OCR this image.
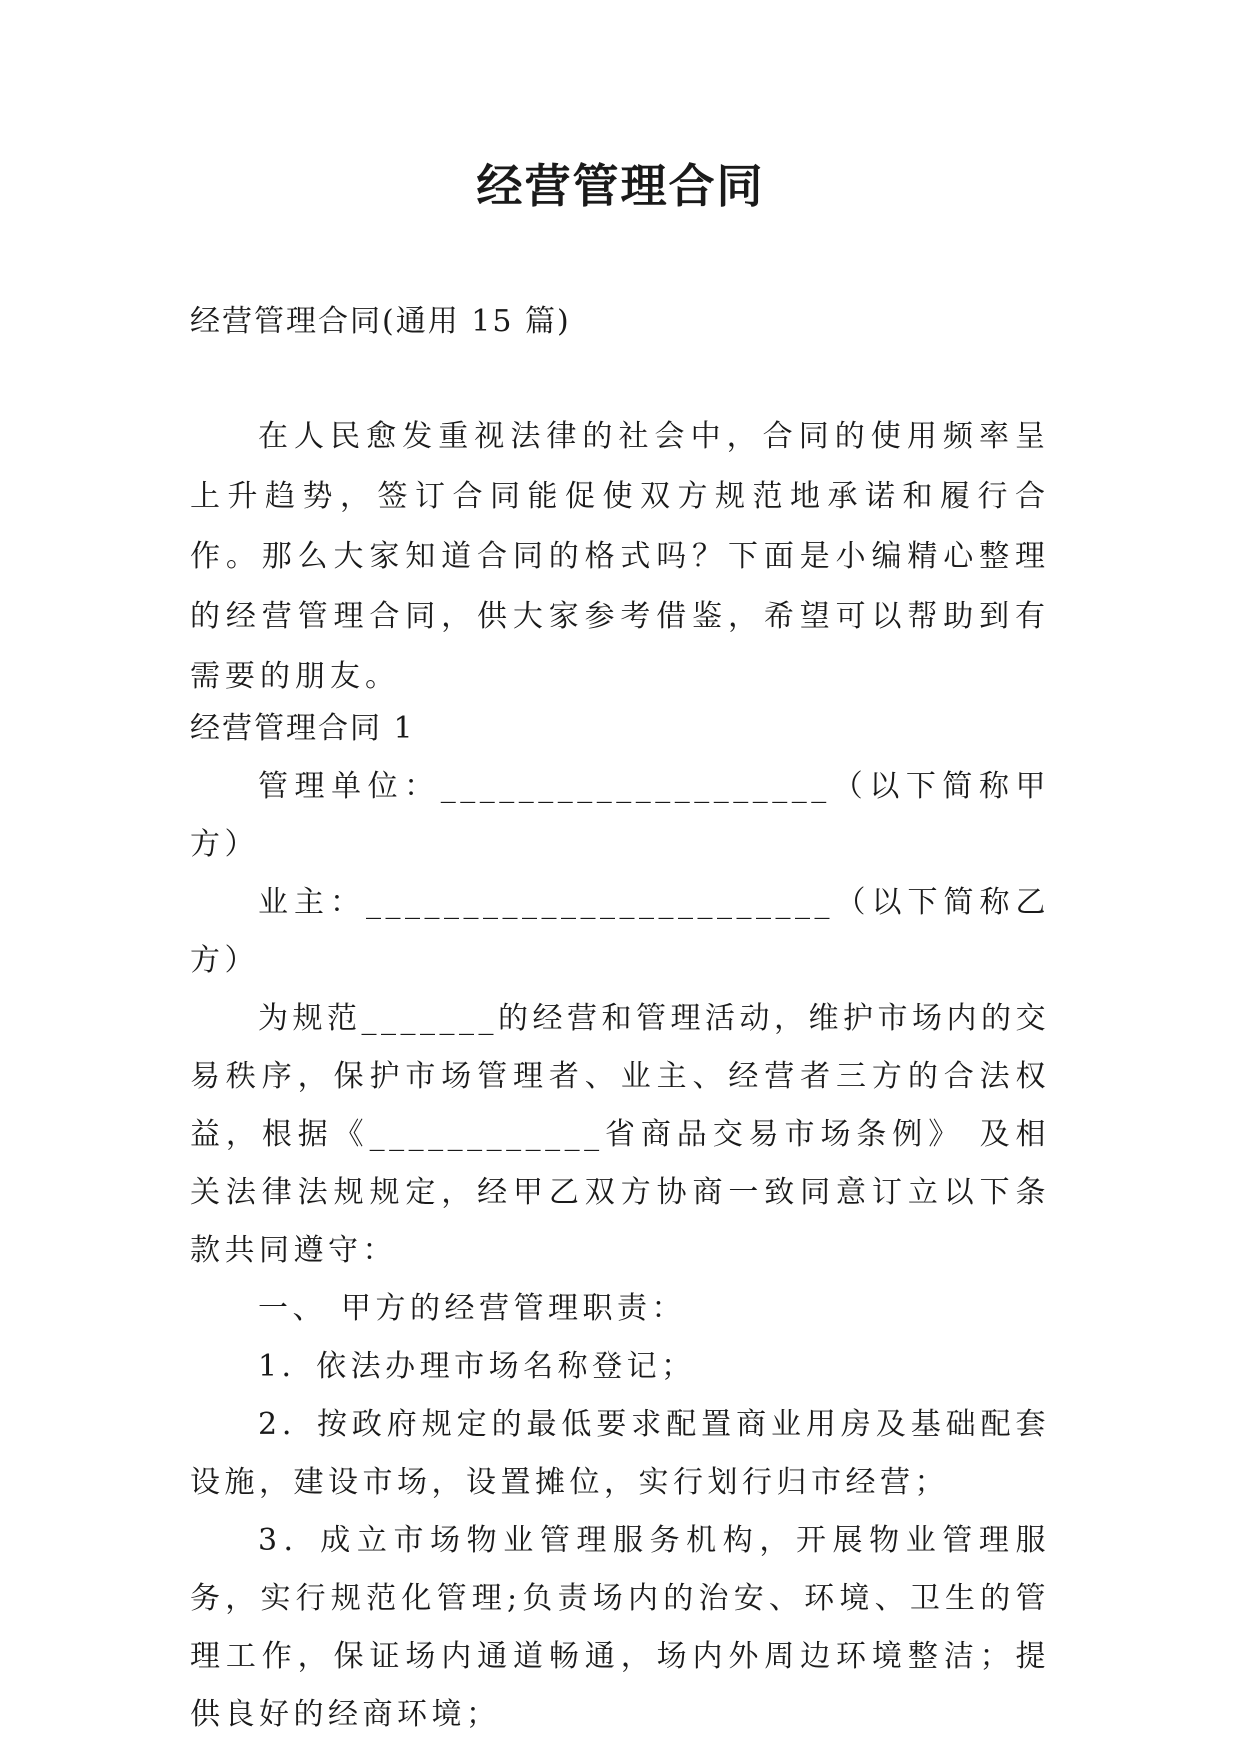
经营管理合同

经营管理合同(通用 15 篇)

在人民愈发重视法律的社会中，合同的使用频率呈上升趋势，签订合同能促使双方规范地承诺和履行合作。那么大家知道合同的格式吗？下面是小编精心整理的经营管理合同，供大家参考借鉴，希望可以帮助到有需要的朋友。

经营管理合同 1

管理单位：____________________（以下简称甲方）

业主：________________________（以下简称乙方）

为规范_______的经营和管理活动，维护市场内的交易秩序，保护市场管理者、业主、经营者三方的合法权益，根据《____________省商品交易市场条例》 及相关法律法规规定，经甲乙双方协商一致同意订立以下条款共同遵守：

一、 甲方的经营管理职责：

1．依法办理市场名称登记；

2．按政府规定的最低要求配置商业用房及基础配套设施，建设市场，设置摊位，实行划行归市经营；

3．成立市场物业管理服务机构，开展物业管理服务，实行规范化管理;负责场内的治安、环境、卫生的管理工作，保证场内通道畅通，场内外周边环境整洁；提供良好的经商环境；
